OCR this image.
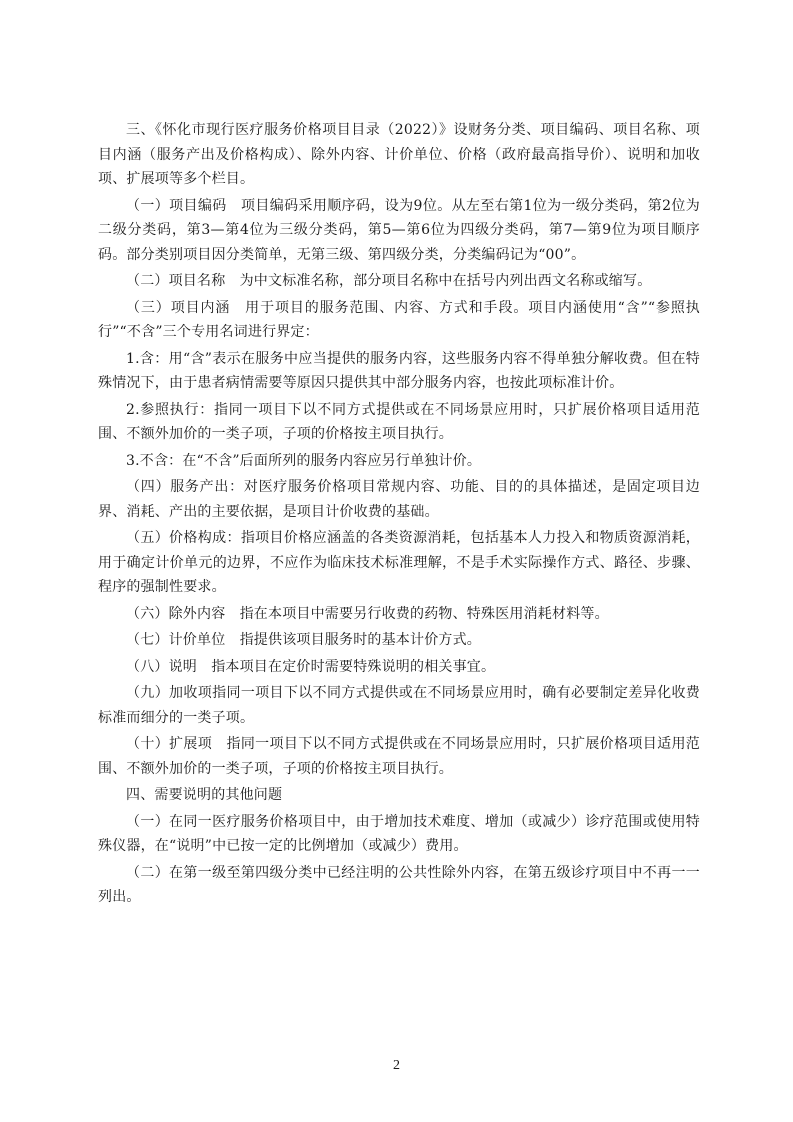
三、《怀化市现行医疗服务价格项目目录（2022）》设财务分类、项目编码、项目名称、项目内涵（服务产出及价格构成）、除外内容、计价单位、价格（政府最高指导价）、说明和加收项、扩展项等多个栏目。

（一）项目编码　项目编码采用顺序码，设为9位。从左至右第1位为一级分类码，第2位为二级分类码，第3—第4位为三级分类码，第5—第6位为四级分类码，第7—第9位为项目顺序码。部分类别项目因分类简单，无第三级、第四级分类，分类编码记为“00”。

（二）项目名称　为中文标准名称，部分项目名称中在括号内列出西文名称或缩写。

（三）项目内涵　用于项目的服务范围、内容、方式和手段。项目内涵使用“含”“参照执行”“不含”三个专用名词进行界定：

1.含：用“含”表示在服务中应当提供的服务内容，这些服务内容不得单独分解收费。但在特殊情况下，由于患者病情需要等原因只提供其中部分服务内容，也按此项标准计价。

2.参照执行：指同一项目下以不同方式提供或在不同场景应用时，只扩展价格项目适用范围、不额外加价的一类子项，子项的价格按主项目执行。

3.不含：在“不含”后面所列的服务内容应另行单独计价。

（四）服务产出：对医疗服务价格项目常规内容、功能、目的的具体描述，是固定项目边界、消耗、产出的主要依据，是项目计价收费的基础。

（五）价格构成：指项目价格应涵盖的各类资源消耗，包括基本人力投入和物质资源消耗，用于确定计价单元的边界，不应作为临床技术标准理解，不是手术实际操作方式、路径、步骤、程序的强制性要求。

（六）除外内容　指在本项目中需要另行收费的药物、特殊医用消耗材料等。

（七）计价单位　指提供该项目服务时的基本计价方式。

（八）说明　指本项目在定价时需要特殊说明的相关事宜。

（九）加收项指同一项目下以不同方式提供或在不同场景应用时，确有必要制定差异化收费标准而细分的一类子项。

（十）扩展项　指同一项目下以不同方式提供或在不同场景应用时，只扩展价格项目适用范围、不额外加价的一类子项，子项的价格按主项目执行。

四、需要说明的其他问题

（一）在同一医疗服务价格项目中，由于增加技术难度、增加（或减少）诊疗范围或使用特殊仪器，在“说明”中已按一定的比例增加（或减少）费用。

（二）在第一级至第四级分类中已经注明的公共性除外内容，在第五级诊疗项目中不再一一列出。

2
